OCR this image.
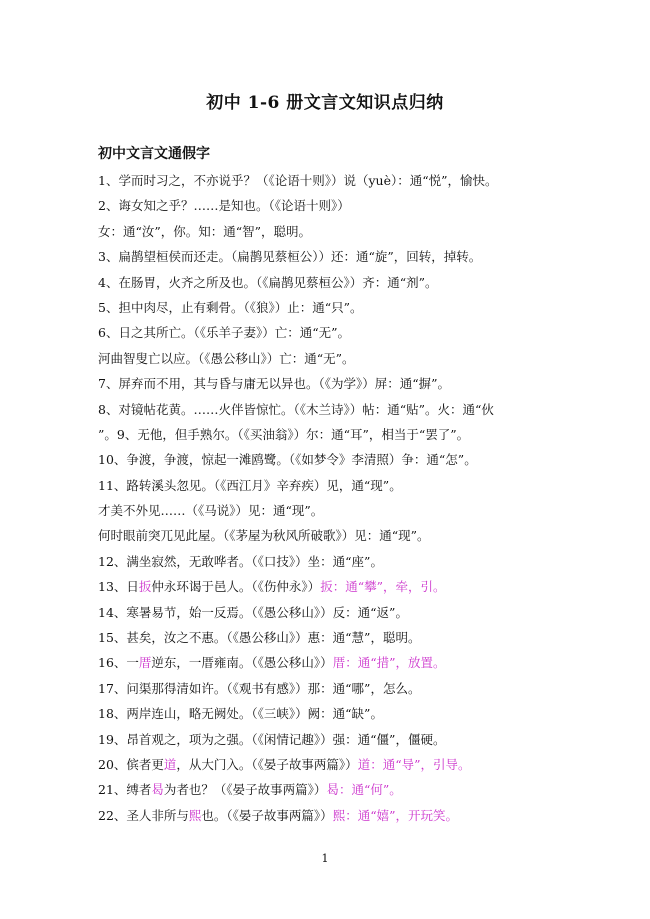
初中 1-6 册文言文知识点归纳
初中文言文通假字
1、学而时习之，不亦说乎？（《论语十则》）说（yuè）：通“悦”，愉快。
2、诲女知之乎？……是知也。（《论语十则》）
女：通“汝”，你。知：通“智”，聪明。
3、扁鹊望桓侯而还走。（扁鹊见蔡桓公））还：通“旋”，回转，掉转。
4、在肠胃，火齐之所及也。（《扁鹊见蔡桓公》）齐：通“剂”。
5、担中肉尽，止有剩骨。（《狼》）止：通“只”。
6、日之其所亡。（《乐羊子妻》）亡：通“无”。
河曲智叟亡以应。（《愚公移山》）亡：通“无”。
7、屏弃而不用，其与昏与庸无以异也。（《为学》）屏：通“摒”。
8、对镜帖花黄。……火伴皆惊忙。（《木兰诗》）帖：通“贴”。火：通“伙
”。9、无他，但手熟尔。（《买油翁》）尔：通“耳”，相当于“罢了”。
10、争渡，争渡，惊起一滩鸥鹭。（《如梦令》李清照）争：通“怎”。
11、路转溪头忽见。（《西江月》辛弃疾）见，通“现”。
才美不外见……（《马说》）见：通“现”。
何时眼前突兀见此屋。（《茅屋为秋风所破歌》）见：通“现”。
12、满坐寂然，无敢哗者。（《口技》）坐：通“座”。
13、日扳仲永环谒于邑人。（《伤仲永》）扳：通“攀”，牵，引。
14、寒暑易节，始一反焉。（《愚公移山》）反：通“返”。
15、甚矣，汝之不惠。（《愚公移山》）惠：通“慧”，聪明。
16、一厝逆东，一厝雍南。（《愚公移山》）厝：通“措”，放置。
17、问渠那得清如许。（《观书有感》）那：通“哪”，怎么。
18、两岸连山，略无阙处。（《三峡》）阙：通“缺”。
19、昂首观之，项为之强。（《闲情记趣》）强：通“僵”，僵硬。
20、傧者更道，从大门入。（《晏子故事两篇》）道：通“导”，引导。
21、缚者曷为者也？（《晏子故事两篇》）曷：通“何”。
22、圣人非所与熙也。（《晏子故事两篇》）熙：通“嬉”，开玩笑。
1
